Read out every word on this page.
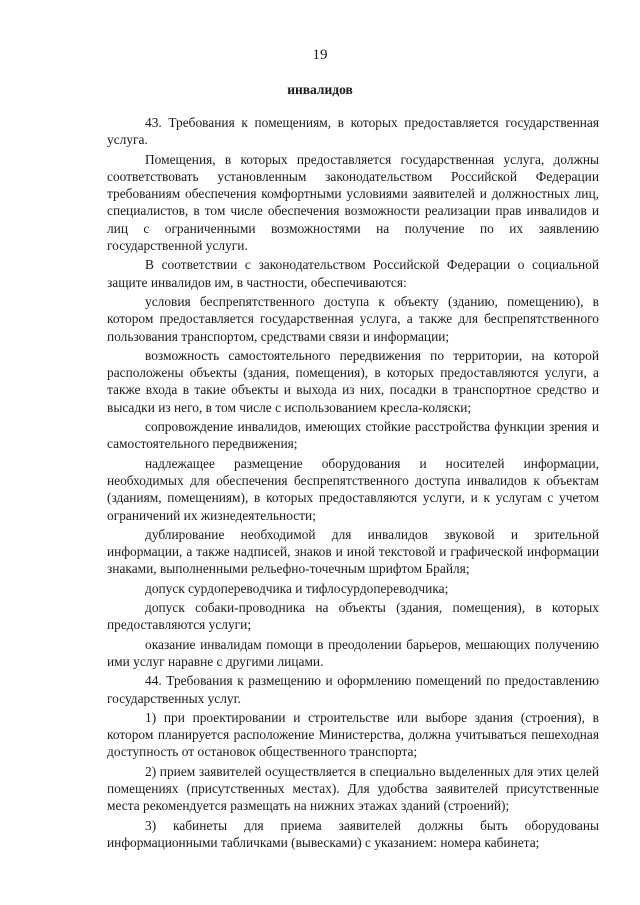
19
инвалидов

43. Требования к помещениям, в которых предоставляется государственная услуга.

Помещения, в которых предоставляется государственная услуга, должны соответствовать установленным законодательством Российской Федерации требованиям обеспечения комфортными условиями заявителей и должностных лиц, специалистов, в том числе обеспечения возможности реализации прав инвалидов и лиц с ограниченными возможностями на получение по их заявлению государственной услуги.

В соответствии с законодательством Российской Федерации о социальной защите инвалидов им, в частности, обеспечиваются:

условия беспрепятственного доступа к объекту (зданию, помещению), в котором предоставляется государственная услуга, а также для беспрепятственного пользования транспортом, средствами связи и информации;

возможность самостоятельного передвижения по территории, на которой расположены объекты (здания, помещения), в которых предоставляются услуги, а также входа в такие объекты и выхода из них, посадки в транспортное средство и высадки из него, в том числе с использованием кресла-коляски;

сопровождение инвалидов, имеющих стойкие расстройства функции зрения и самостоятельного передвижения;

надлежащее размещение оборудования и носителей информации, необходимых для обеспечения беспрепятственного доступа инвалидов к объектам (зданиям, помещениям), в которых предоставляются услуги, и к услугам с учетом ограничений их жизнедеятельности;

дублирование необходимой для инвалидов звуковой и зрительной информации, а также надписей, знаков и иной текстовой и графической информации знаками, выполненными рельефно-точечным шрифтом Брайля;

допуск сурдопереводчика и тифлосурдопереводчика;

допуск собаки-проводника на объекты (здания, помещения), в которых предоставляются услуги;

оказание инвалидам помощи в преодолении барьеров, мешающих получению ими услуг наравне с другими лицами.

44. Требования к размещению и оформлению помещений по предоставлению государственных услуг.

1) при проектировании и строительстве или выборе здания (строения), в котором планируется расположение Министерства, должна учитываться пешеходная доступность от остановок общественного транспорта;

2) прием заявителей осуществляется в специально выделенных для этих целей помещениях (присутственных местах). Для удобства заявителей присутственные места рекомендуется размещать на нижних этажах зданий (строений);

3) кабинеты для приема заявителей должны быть оборудованы информационными табличками (вывесками) с указанием: номера кабинета;
